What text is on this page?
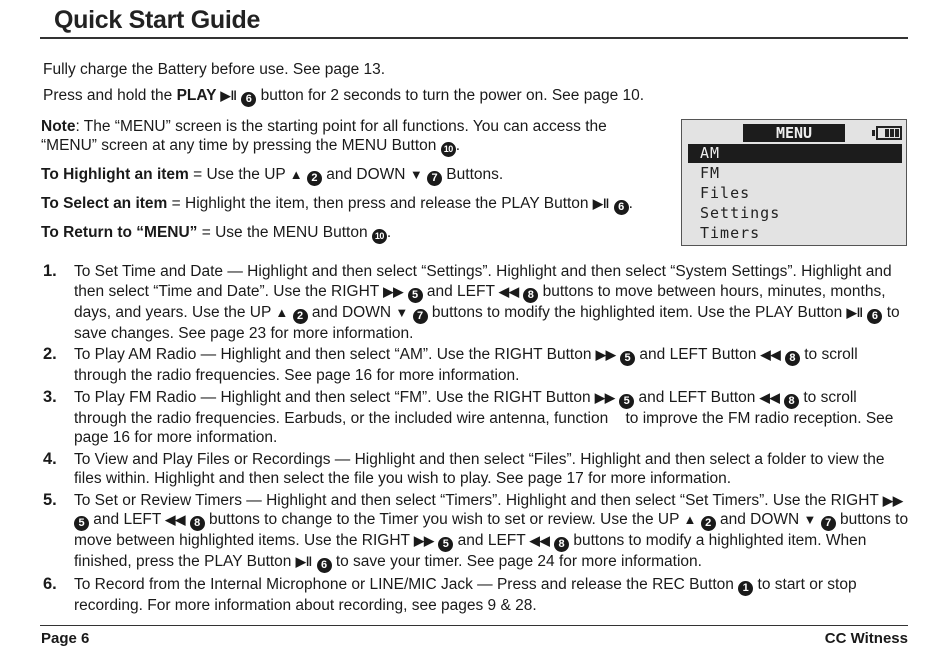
Quick Start Guide
Fully charge the Battery before use. See page 13.
Press and hold the PLAY ▶‖ 6 button for 2 seconds to turn the power on. See page 10.
Note: The “MENU” screen is the starting point for all functions. You can access the “MENU” screen at any time by pressing the MENU Button 10 .
To Highlight an item = Use the UP ▲ 2 and DOWN ▼ 7 Buttons.
To Select an item = Highlight the item, then press and release the PLAY Button ▶‖ 6 .
To Return to “MENU” = Use the MENU Button 10 .
MENU
AM
FM
Files
Settings
Timers
1. To Set Time and Date — Highlight and then select “Settings”. Highlight and then select “System Settings”. Highlight and then select “Time and Date”. Use the RIGHT ▶▶ 5 and LEFT ◀◀ 8 buttons to move between hours, minutes, months, days, and years. Use the UP ▲ 2 and DOWN ▼ 7 buttons to modify the highlighted item. Use the PLAY Button ▶‖ 6 to save changes. See page 23 for more information.
2. To Play AM Radio — Highlight and then select “AM”. Use the RIGHT Button ▶▶ 5 and LEFT Button ◀◀ 8 to scroll through the radio frequencies. See page 16 for more information.
3. To Play FM Radio — Highlight and then select “FM”. Use the RIGHT Button ▶▶ 5 and LEFT Button ◀◀ 8 to scroll through the radio frequencies. Earbuds, or the included wire antenna, function    to improve the FM radio reception. See page 16 for more information.
4. To View and Play Files or Recordings — Highlight and then select “Files”. Highlight and then select a folder to view the files within. Highlight and then select the file you wish to play. See page 17 for more information.
5. To Set or Review Timers — Highlight and then select “Timers”. Highlight and then select “Set Timers”. Use the RIGHT ▶▶ 5 and LEFT ◀◀ 8 buttons to change to the Timer you wish to set or review. Use the UP ▲ 2 and DOWN ▼ 7 buttons to move between highlighted items. Use the RIGHT ▶▶ 5 and LEFT ◀◀ 8 buttons to modify a highlighted item. When finished, press the PLAY Button ▶‖ 6 to save your timer. See page 24 for more information.
6. To Record from the Internal Microphone or LINE/MIC Jack — Press and release the REC Button 1 to start or stop recording. For more information about recording, see pages 9 & 28.
Page 6	CC Witness
